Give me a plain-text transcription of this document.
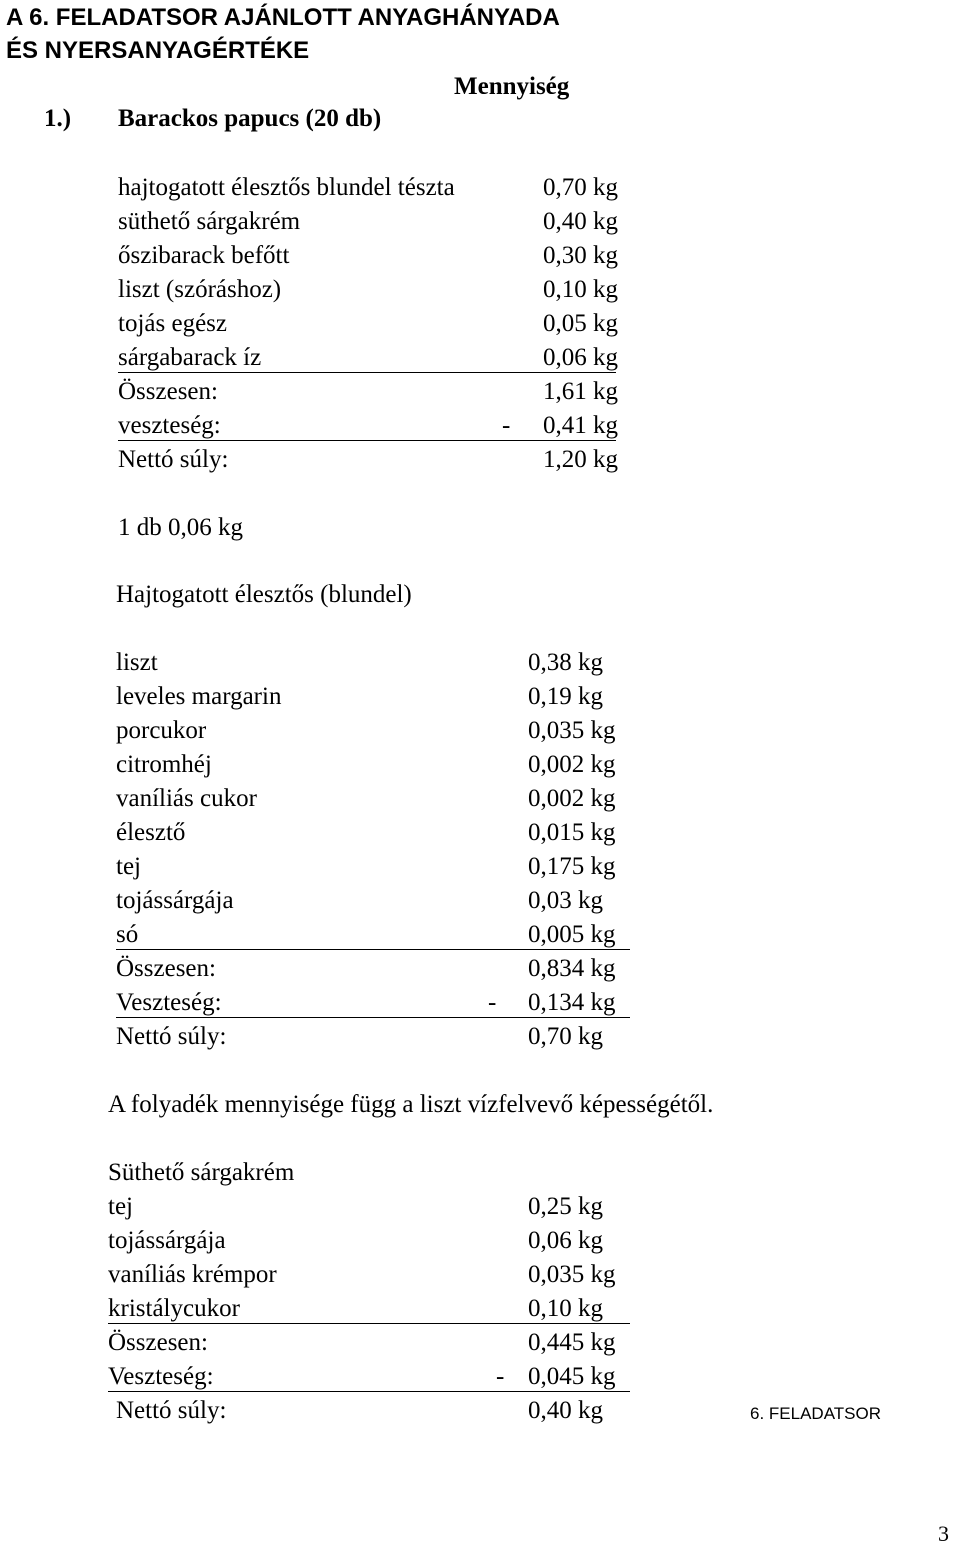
A 6. FELADATSOR AJÁNLOTT ANYAGHÁNYADA
ÉS NYERSANYAGÉRTÉKE
Mennyiség
1.) Barackos papucs (20 db)
hajtogatott élesztős blundel tészta	0,70 kg
süthető sárgakrém	0,40 kg
őszibarack befőtt	0,30 kg
liszt (szóráshoz)	0,10 kg
tojás egész	0,05 kg
sárgabarack íz	0,06 kg
Összesen:	1,61 kg
veszteség:	- 0,41 kg
Nettó súly:	1,20 kg
1 db 0,06 kg
Hajtogatott élesztős (blundel)
liszt	0,38 kg
leveles margarin	0,19 kg
porcukor	0,035 kg
citromhéj	0,002 kg
vaníliás cukor	0,002 kg
élesztő	0,015 kg
tej	0,175 kg
tojássárgája	0,03 kg
só	0,005 kg
Összesen:	0,834 kg
Veszteség:	- 0,134 kg
Nettó súly:	0,70 kg
A folyadék mennyisége függ a liszt vízfelvevő képességétől.
Süthető sárgakrém
tej	0,25 kg
tojássárgája	0,06 kg
vaníliás krémpor	0,035 kg
kristálycukor	0,10 kg
Összesen:	0,445 kg
Veszteség:	- 0,045 kg
Nettó súly:	0,40 kg	6. FELADATSOR
3
